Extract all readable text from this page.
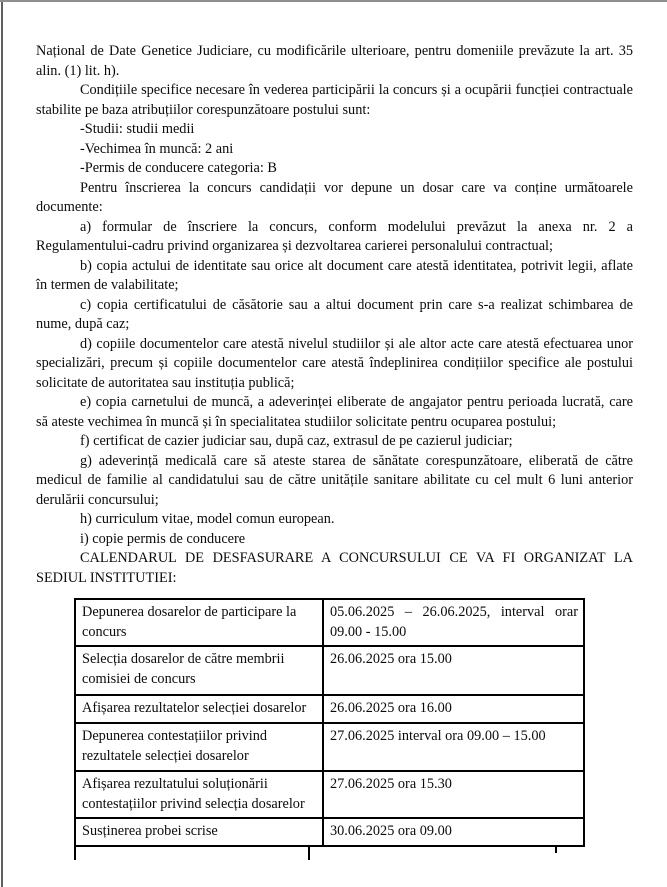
Național de Date Genetice Judiciare, cu modificările ulterioare, pentru domeniile prevăzute la art. 35 alin. (1) lit. h).

Condițiile specifice necesare în vederea participării la concurs și a ocupării funcției contractuale stabilite pe baza atribuțiilor corespunzătoare postului sunt:

-Studii: studii medii

-Vechimea în muncă: 2 ani

-Permis de conducere categoria: B

Pentru înscrierea la concurs candidații vor depune un dosar care va conține următoarele documente:

a) formular de înscriere la concurs, conform modelului prevăzut la anexa nr. 2 a Regulamentului-cadru privind organizarea și dezvoltarea carierei personalului contractual;

b) copia actului de identitate sau orice alt document care atestă identitatea, potrivit legii, aflate în termen de valabilitate;

c) copia certificatului de căsătorie sau a altui document prin care s-a realizat schimbarea de nume, după caz;

d) copiile documentelor care atestă nivelul studiilor și ale altor acte care atestă efectuarea unor specializări, precum și copiile documentelor care atestă îndeplinirea condițiilor specifice ale postului solicitate de autoritatea sau instituția publică;

e) copia carnetului de muncă, a adeverinței eliberate de angajator pentru perioada lucrată, care să ateste vechimea în muncă și în specialitatea studiilor solicitate pentru ocuparea postului;

f) certificat de cazier judiciar sau, după caz, extrasul de pe cazierul judiciar;

g) adeverință medicală care să ateste starea de sănătate corespunzătoare, eliberată de către medicul de familie al candidatului sau de către unitățile sanitare abilitate cu cel mult 6 luni anterior derulării concursului;

h) curriculum vitae, model comun european.

i) copie permis de conducere

CALENDARUL DE DESFASURARE A CONCURSULUI CE VA FI ORGANIZAT LA SEDIUL INSTITUTIEI:

Depunerea dosarelor de participare la concurs	05.06.2025 – 26.06.2025, interval orar 09.00 - 15.00
Selecția dosarelor de către membrii comisiei de concurs	26.06.2025 ora 15.00
Afișarea rezultatelor selecției dosarelor	26.06.2025 ora 16.00
Depunerea contestațiilor privind rezultatele selecției dosarelor	27.06.2025 interval ora 09.00 – 15.00
Afișarea rezultatului soluționării contestațiilor privind selecția dosarelor	27.06.2025 ora 15.30
Susținerea probei scrise	30.06.2025 ora 09.00
